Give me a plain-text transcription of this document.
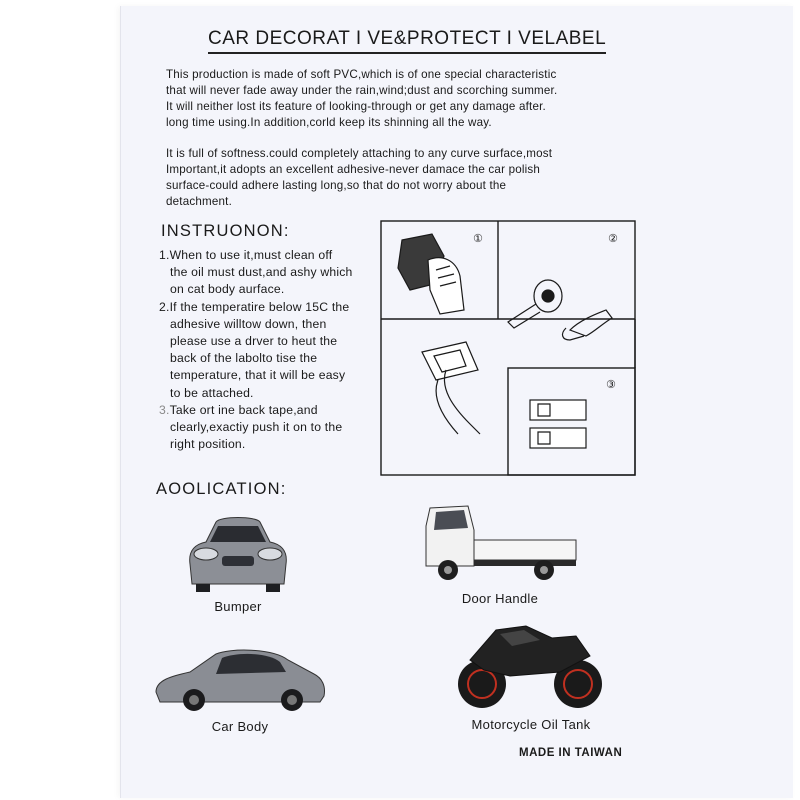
CAR DECORAT I VE&PROTECT I VELABEL

This production is made of soft PVC,which is of one special characteristic

that will never fade away under the rain,wind;dust and scorching summer.

It will neither lost its feature of looking-through or get any damage after.

long time using.In addition,corld keep its shinning all the way.

It is full of softness.could completely attaching to any curve surface,most

Important,it adopts an excellent adhesive-never damace the car polish

surface-could adhere lasting long,so that do not worry about the

detachment.

INSTRUONON:
1.When to use it,must clean off
the oil must dust,and ashy which
on cat body aurface.
2.If the temperatire below 15C the
adhesive willtow down, then
please use a drver to heut the
back of the labolto tise the
temperature, that it will be easy
to be attached.
3.Take ort ine back tape,and
clearly,exactiy push it on to the
right position.
①	②
③
AOOLICATION:
Bumper
Door Handle
Car Body	Motorcycle Oil Tank
MADE IN TAIWAN
